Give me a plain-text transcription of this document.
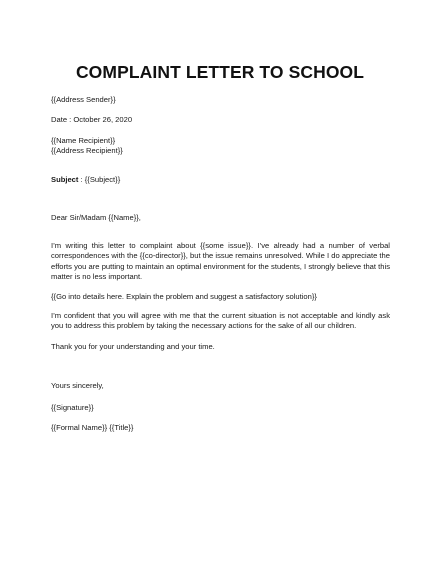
COMPLAINT LETTER TO SCHOOL
{{Address Sender}}
Date : October 26, 2020
{{Name Recipient}}
{{Address Recipient}}
Subject : {{Subject}}
Dear Sir/Madam {{Name}},
I’m writing this letter to complaint about {{some issue}}. I’ve already had a number of verbal correspondences with the {{co-director}}, but the issue remains unresolved. While I do appreciate the efforts you are putting to maintain an optimal environment for the students, I strongly believe that this matter is no less important.
{{Go into details here. Explain the problem and suggest a satisfactory solution}}
I’m confident that you will agree with me that the current situation is not acceptable and kindly ask you to address this problem by taking the necessary actions for the sake of all our children.
Thank you for your understanding and your time.
Yours sincerely,
{{Signature}}
{{Formal Name}} {{Title}}
